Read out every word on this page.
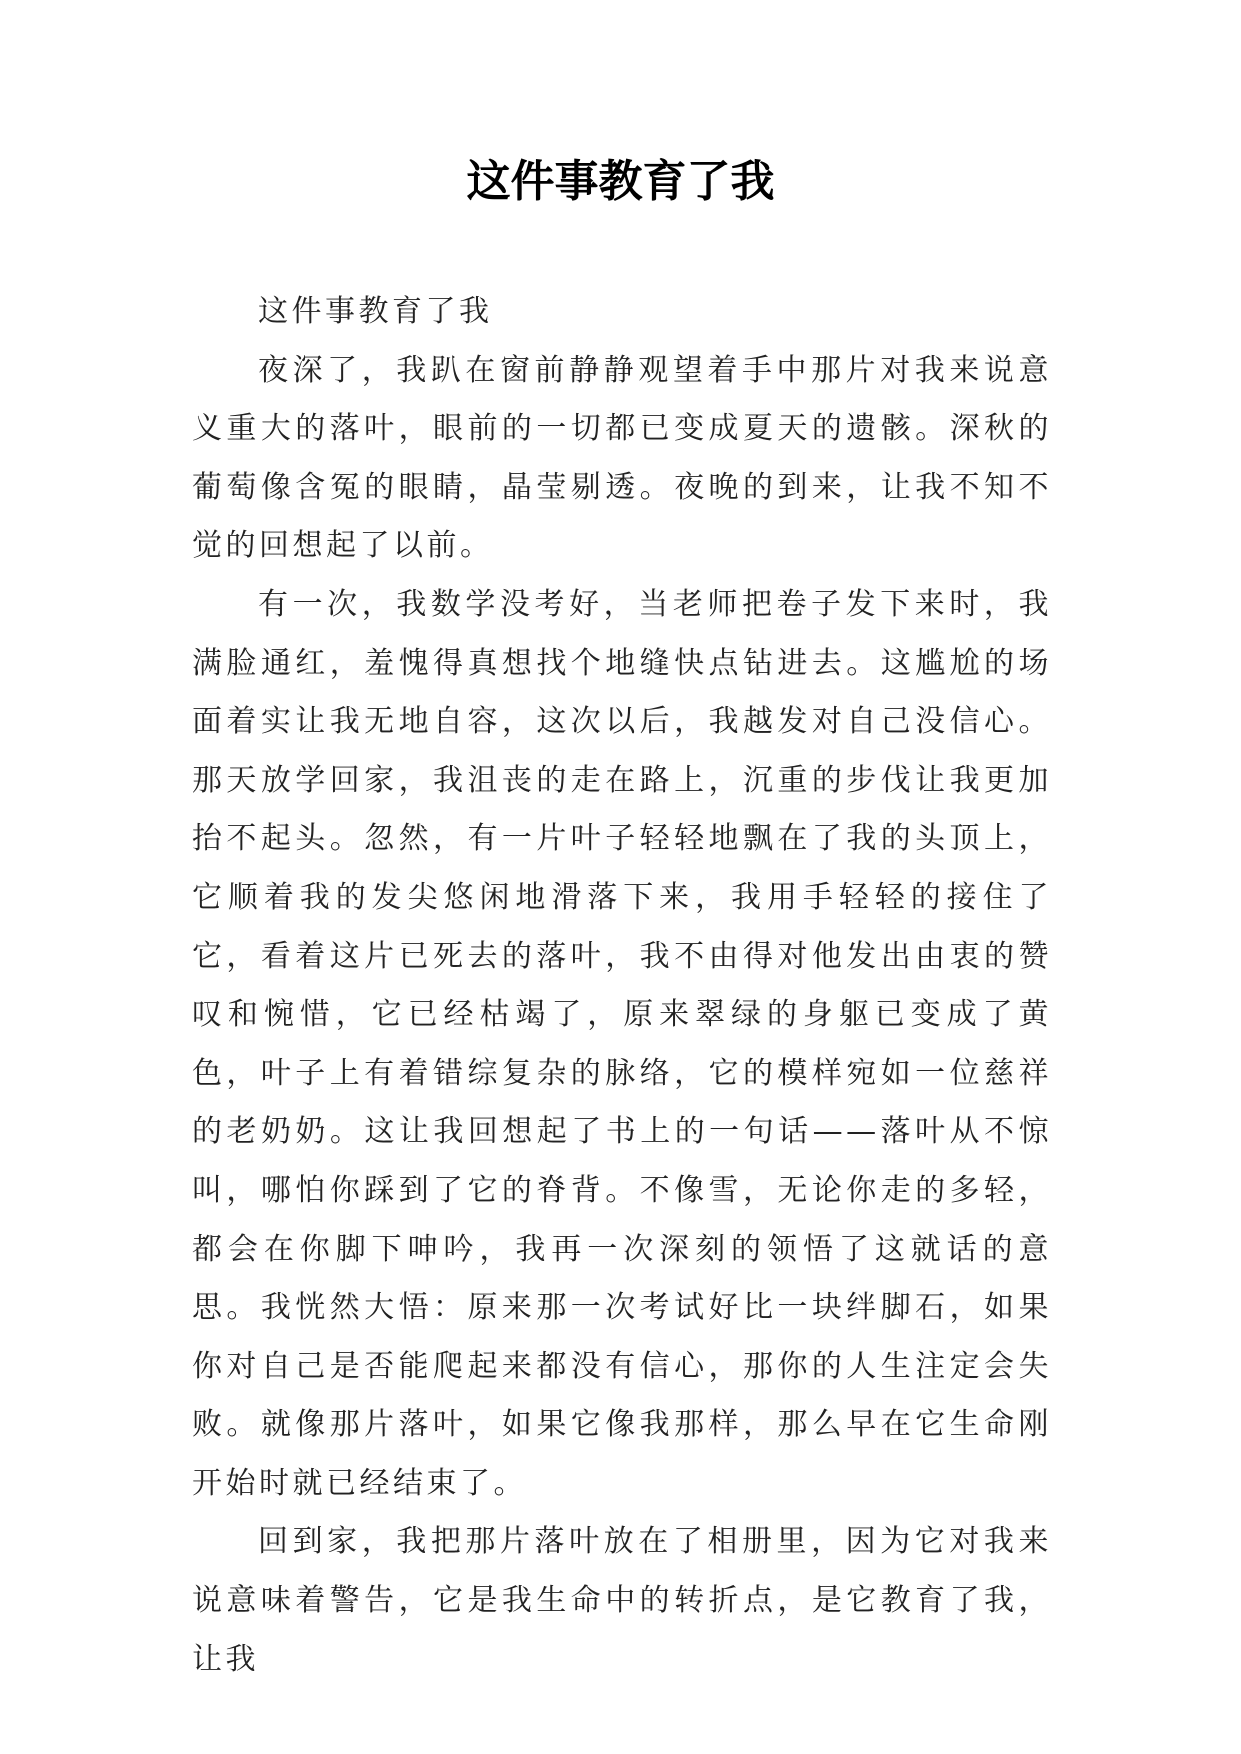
这件事教育了我

这件事教育了我

夜深了，我趴在窗前静静观望着手中那片对我来说意义重大的落叶，眼前的一切都已变成夏天的遗骸。深秋的葡萄像含冤的眼睛，晶莹剔透。夜晚的到来，让我不知不觉的回想起了以前。

有一次，我数学没考好，当老师把卷子发下来时，我满脸通红，羞愧得真想找个地缝快点钻进去。这尴尬的场面着实让我无地自容，这次以后，我越发对自己没信心。那天放学回家，我沮丧的走在路上，沉重的步伐让我更加抬不起头。忽然，有一片叶子轻轻地飘在了我的头顶上，它顺着我的发尖悠闲地滑落下来，我用手轻轻的接住了它，看着这片已死去的落叶，我不由得对他发出由衷的赞叹和惋惜，它已经枯竭了，原来翠绿的身躯已变成了黄色，叶子上有着错综复杂的脉络，它的模样宛如一位慈祥的老奶奶。这让我回想起了书上的一句话——落叶从不惊叫，哪怕你踩到了它的脊背。不像雪，无论你走的多轻，都会在你脚下呻吟，我再一次深刻的领悟了这就话的意思。我恍然大悟：原来那一次考试好比一块绊脚石，如果你对自己是否能爬起来都没有信心，那你的人生注定会失败。就像那片落叶，如果它像我那样，那么早在它生命刚开始时就已经结束了。

回到家，我把那片落叶放在了相册里，因为它对我来说意味着警告，它是我生命中的转折点，是它教育了我，让我
